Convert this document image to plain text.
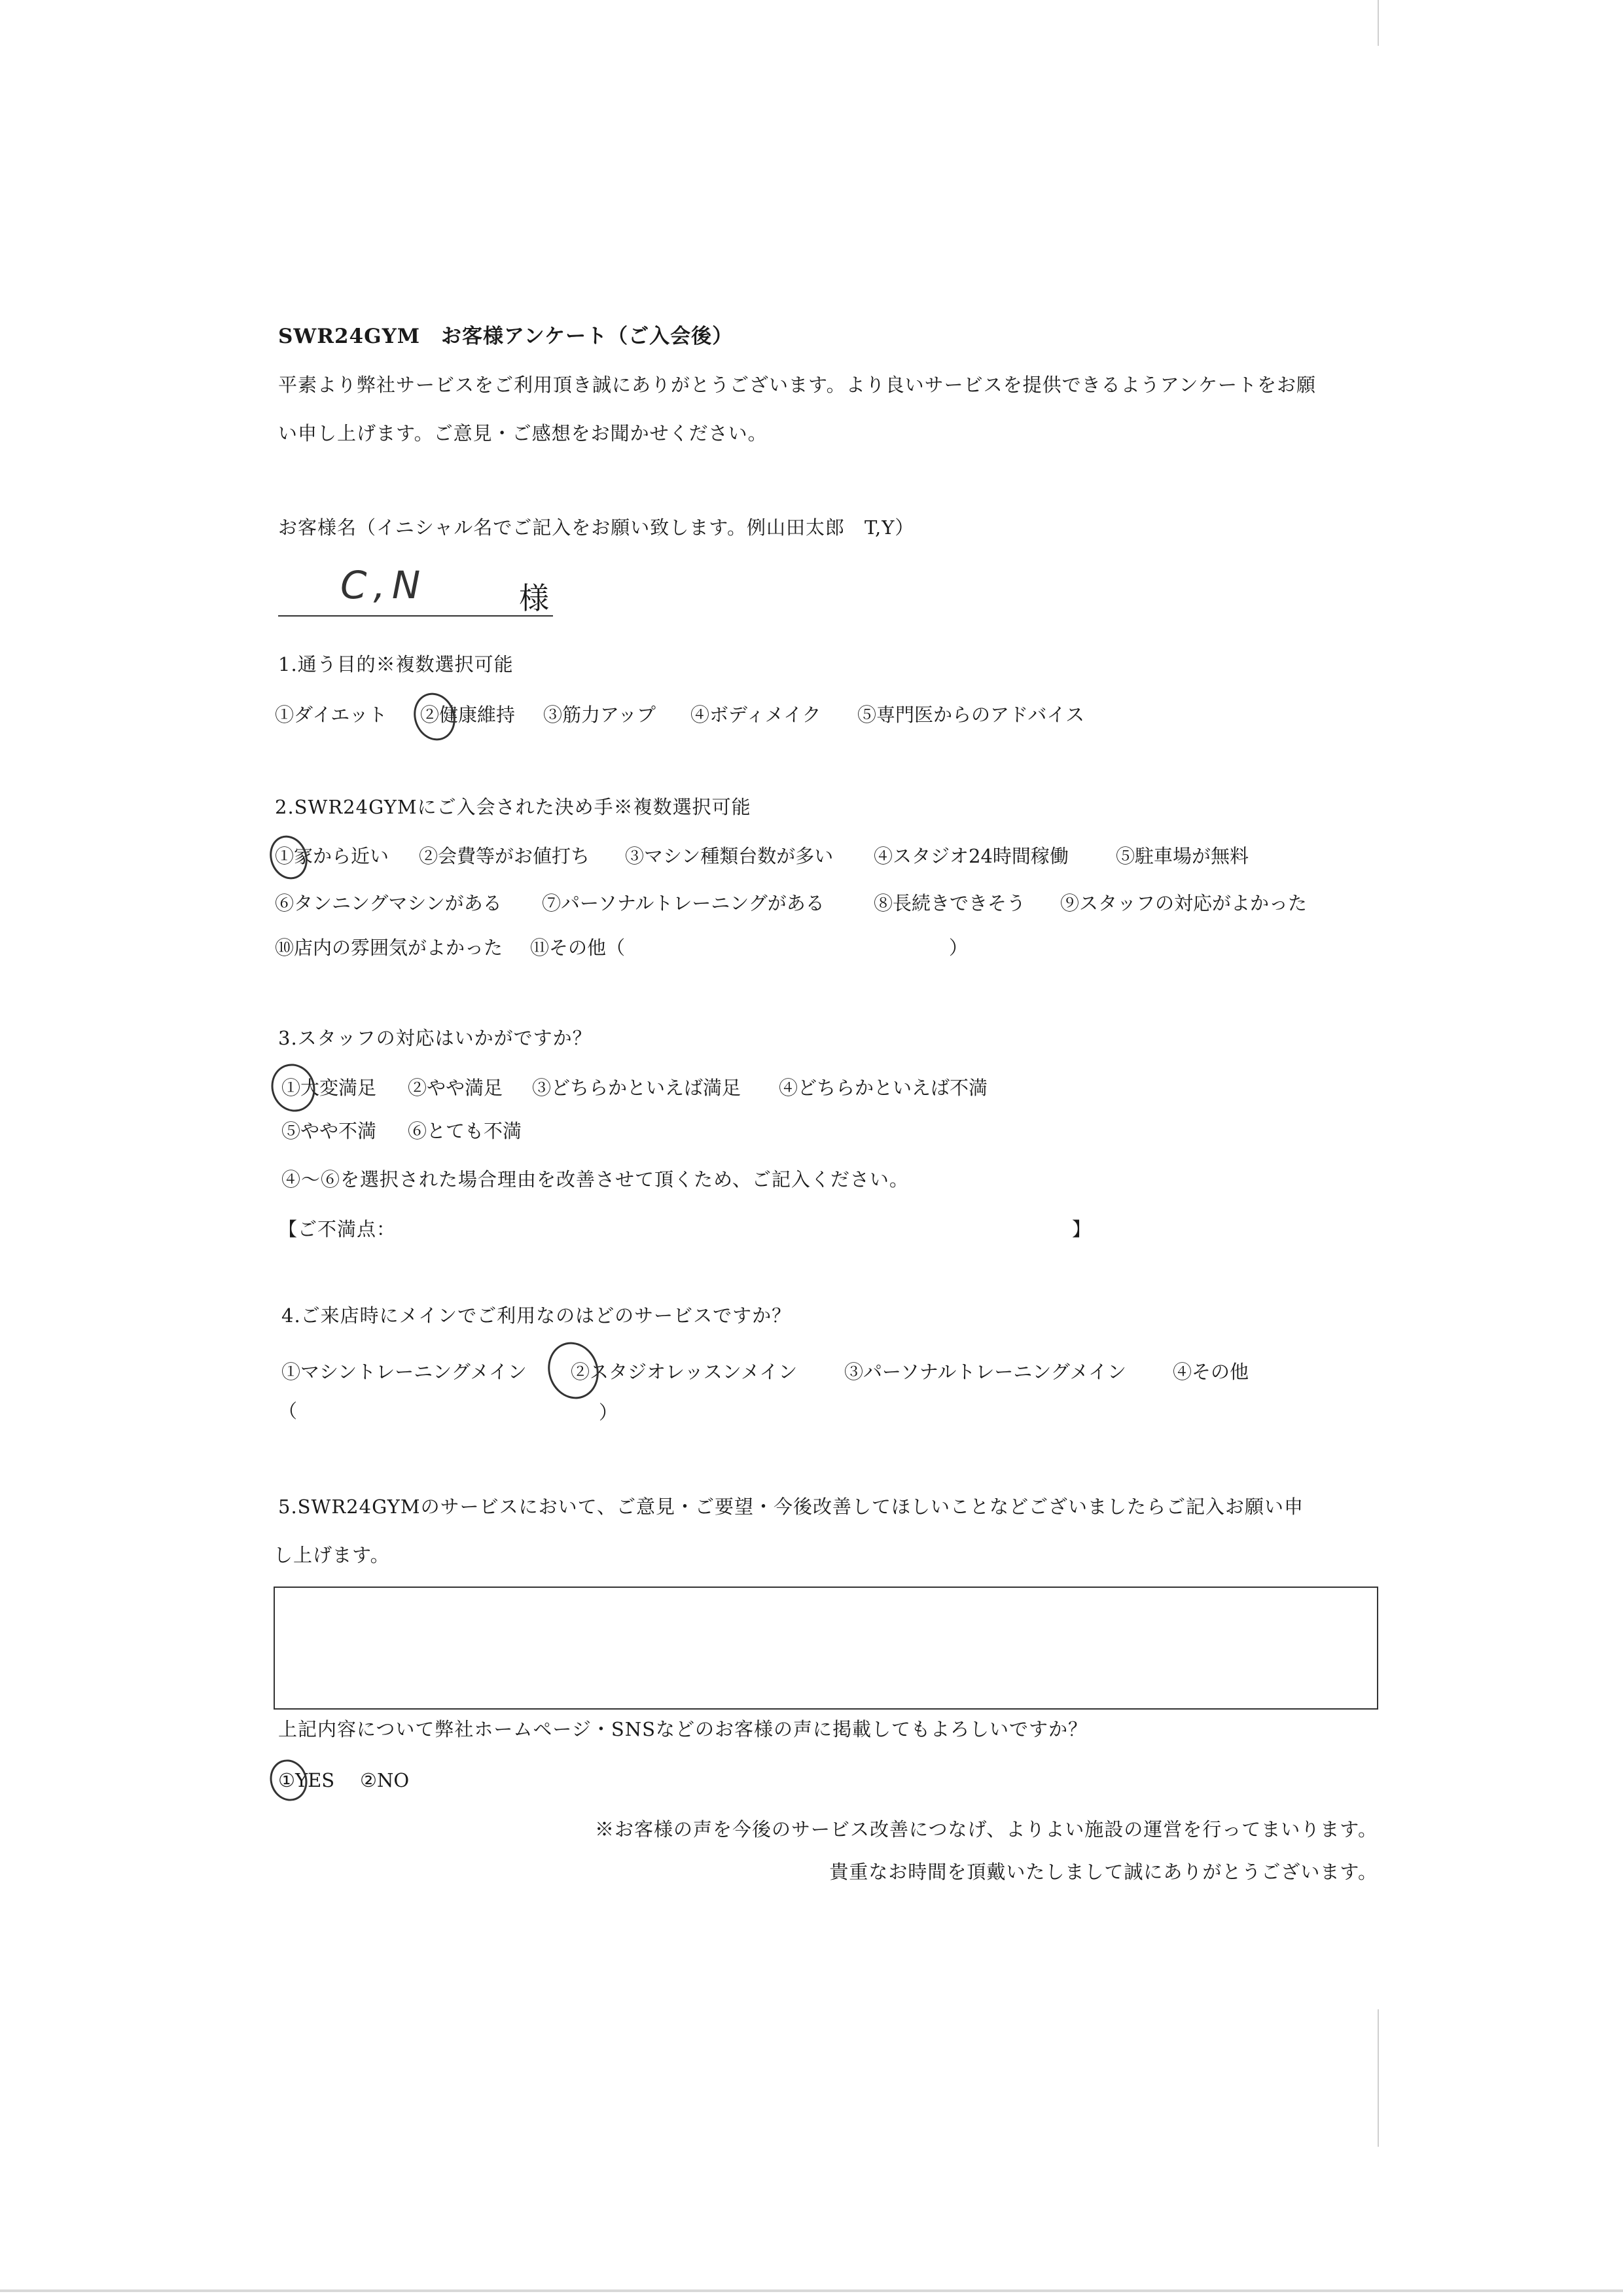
SWR24GYM　お客様アンケート（ご入会後）
平素より弊社サービスをご利用頂き誠にありがとうございます。より良いサービスを提供できるようアンケートをお願
い申し上げます。ご意見・ご感想をお聞かせください。
お客様名（イニシャル名でご記入をお願い致します。例山田太郎　T,Y）
C,N	様
1.通う目的※複数選択可能
①ダイエット ②健康維持 ③筋力アップ ④ボディメイク ⑤専門医からのアドバイス
2.SWR24GYMにご入会された決め手※複数選択可能
①家から近い ②会費等がお値打ち ③マシン種類台数が多い ④スタジオ24時間稼働 ⑤駐車場が無料
⑥タンニングマシンがある ⑦パーソナルトレーニングがある	⑧長続きできそう ⑨スタッフの対応がよかった
⑩店内の雰囲気がよかった ⑪その他（	）
3.スタッフの対応はいかがですか？
①大変満足 ②やや満足 ③どちらかといえば満足 ④どちらかといえば不満
⑤やや不満 ⑥とても不満
④～⑥を選択された場合理由を改善させて頂くため、ご記入ください。
【ご不満点：	】
4.ご来店時にメインでご利用なのはどのサービスですか？
①マシントレーニングメイン ②スタジオレッスンメイン ③パーソナルトレーニングメイン ④その他
（	）
5.SWR24GYMのサービスにおいて、ご意見・ご要望・今後改善してほしいことなどございましたらご記入お願い申
し上げます。
上記内容について弊社ホームページ・SNSなどのお客様の声に掲載してもよろしいですか？
①YES ②NO
※お客様の声を今後のサービス改善につなげ、よりよい施設の運営を行ってまいります。
貴重なお時間を頂戴いたしまして誠にありがとうございます。
